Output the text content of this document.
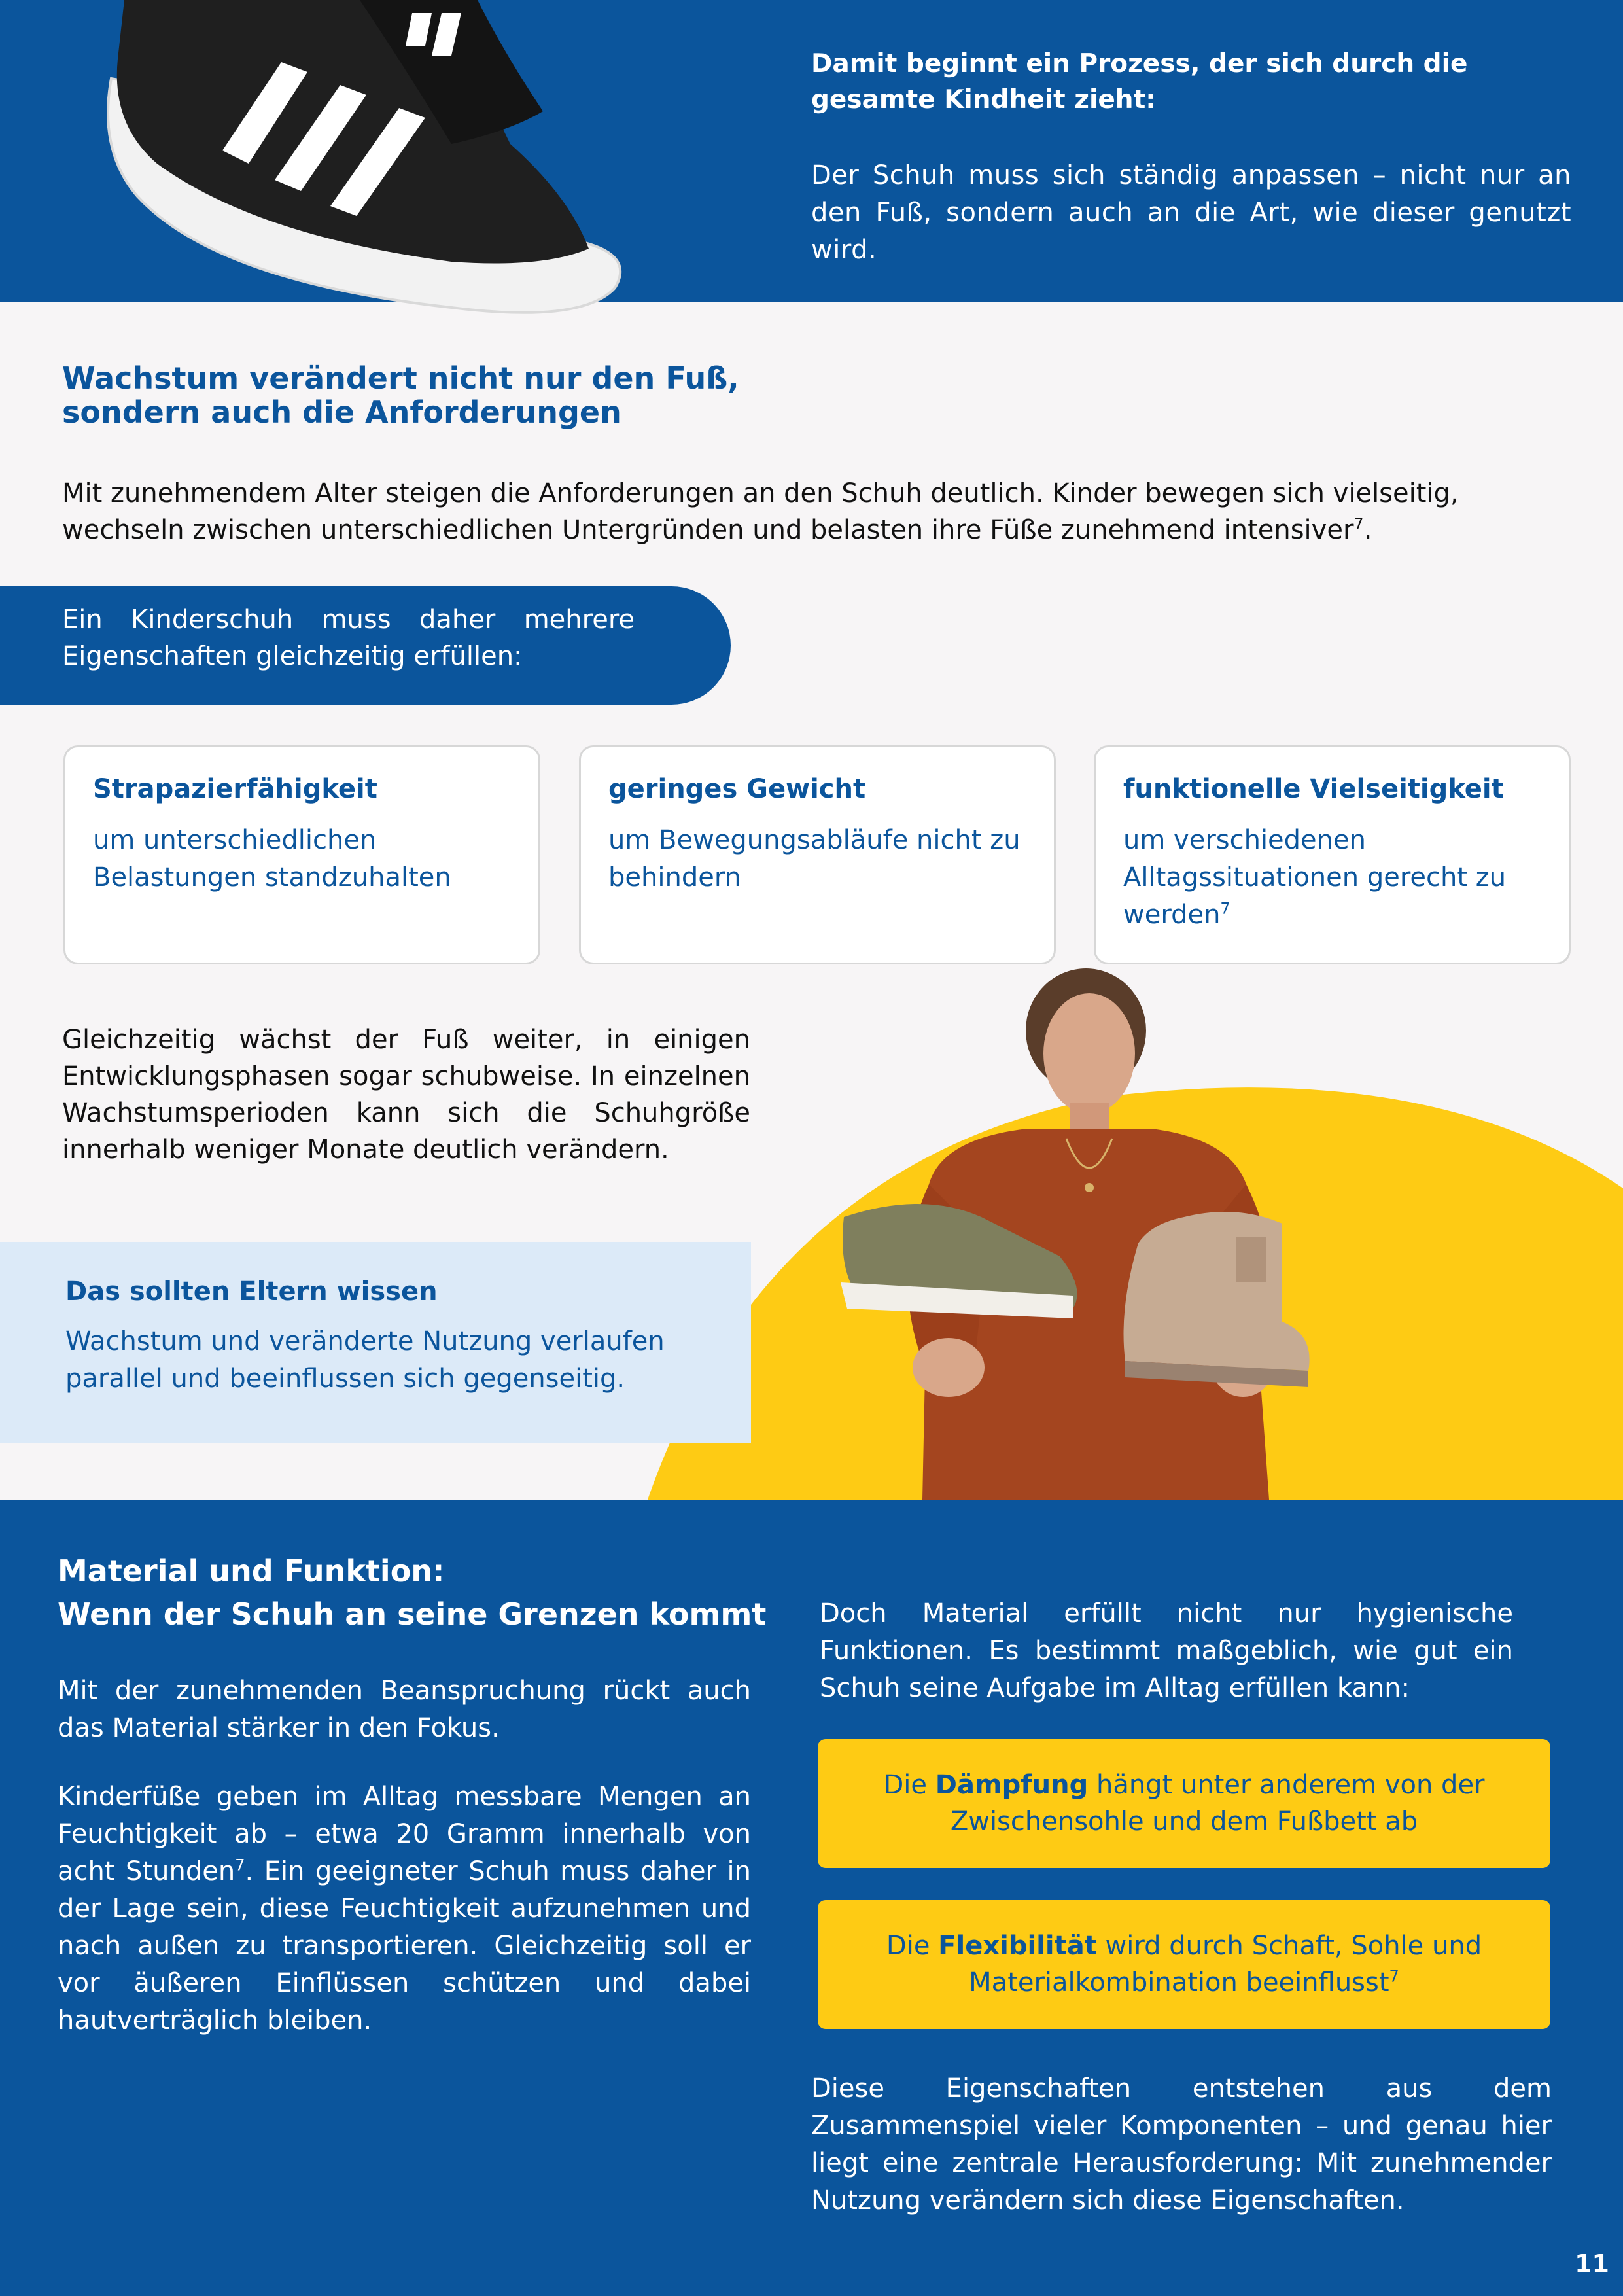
Damit beginnt ein Prozess, der sich durch die gesamte Kindheit zieht:
Der Schuh muss sich ständig anpassen – nicht nur an den Fuß, sondern auch an die Art, wie dieser genutzt wird.
Wachstum verändert nicht nur den Fuß,
sondern auch die Anforderungen
Mit zunehmendem Alter steigen die Anforderungen an den Schuh deutlich. Kinder bewegen sich vielseitig, wechseln zwischen unterschiedlichen Untergründen und belasten ihre Füße zunehmend intensiver$^7$.
Ein Kinderschuh muss daher mehrere Eigenschaften gleichzeitig erfüllen:
Strapazierfähigkeit
um unterschiedlichen Belastungen standzuhalten
geringes Gewicht
um Bewegungsabläufe nicht zu behindern
funktionelle Vielseitigkeit
um verschiedenen Alltagssituationen gerecht zu werden$^7$
Gleichzeitig wächst der Fuß weiter, in einigen Entwicklungsphasen sogar schubweise. In einzelnen Wachstumsperioden kann sich die Schuhgröße innerhalb weniger Monate deutlich verändern.
Das sollten Eltern wissen
Wachstum und veränderte Nutzung verlaufen parallel und beeinflussen sich gegenseitig.
Material und Funktion:
Wenn der Schuh an seine Grenzen kommt
Mit der zunehmenden Beanspruchung rückt auch das Material stärker in den Fokus.
Kinderfüße geben im Alltag messbare Mengen an Feuchtigkeit ab – etwa 20 Gramm innerhalb von acht Stunden$^7$. Ein geeigneter Schuh muss daher in der Lage sein, diese Feuchtigkeit aufzunehmen und nach außen zu transportieren. Gleichzeitig soll er vor äußeren Einflüssen schützen und dabei hautverträglich bleiben.
Doch Material erfüllt nicht nur hygienische Funktionen. Es bestimmt maßgeblich, wie gut ein Schuh seine Aufgabe im Alltag erfüllen kann:
Die Dämpfung hängt unter anderem von der Zwischensohle und dem Fußbett ab
Die Flexibilität wird durch Schaft, Sohle und Materialkombination beeinflusst$^7$
Diese Eigenschaften entstehen aus dem Zusammenspiel vieler Komponenten – und genau hier liegt eine zentrale Herausforderung: Mit zunehmender Nutzung verändern sich diese Eigenschaften.
11
